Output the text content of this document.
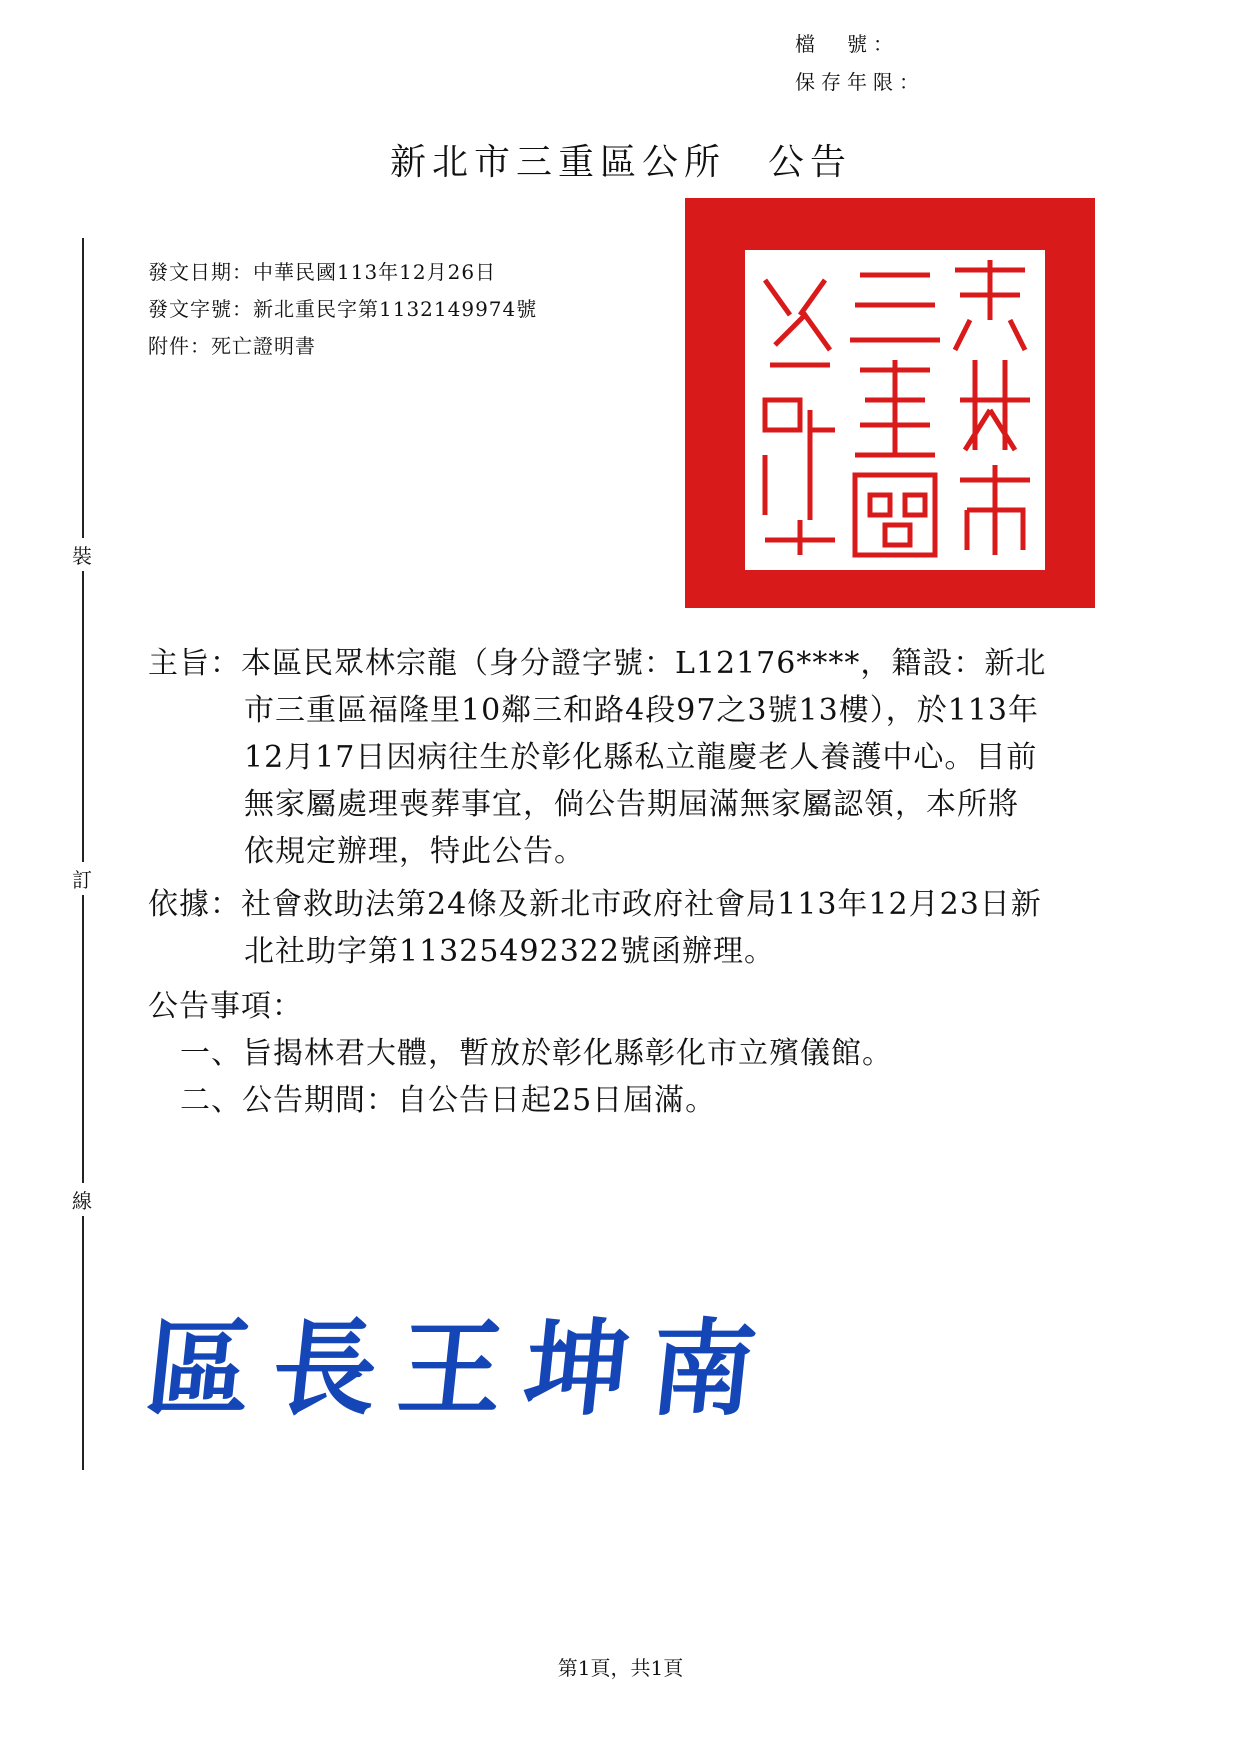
檔　號：
保存年限：
新北市三重區公所　公告
裝
訂
線
發文日期：中華民國113年12月26日
發文字號：新北重民字第1132149974號
附件：死亡證明書
主旨：本區民眾林宗龍（身分證字號：L12176****，籍設：新北
市三重區福隆里10鄰三和路4段97之3號13樓），於113年
12月17日因病往生於彰化縣私立龍慶老人養護中心。目前
無家屬處理喪葬事宜，倘公告期屆滿無家屬認領，本所將
依規定辦理，特此公告。
依據：社會救助法第24條及新北市政府社會局113年12月23日新
北社助字第11325492322號函辦理。
公告事項：
一、旨揭林君大體，暫放於彰化縣彰化市立殯儀館。
二、公告期間：自公告日起25日屆滿。
區長王坤南
第1頁，共1頁
